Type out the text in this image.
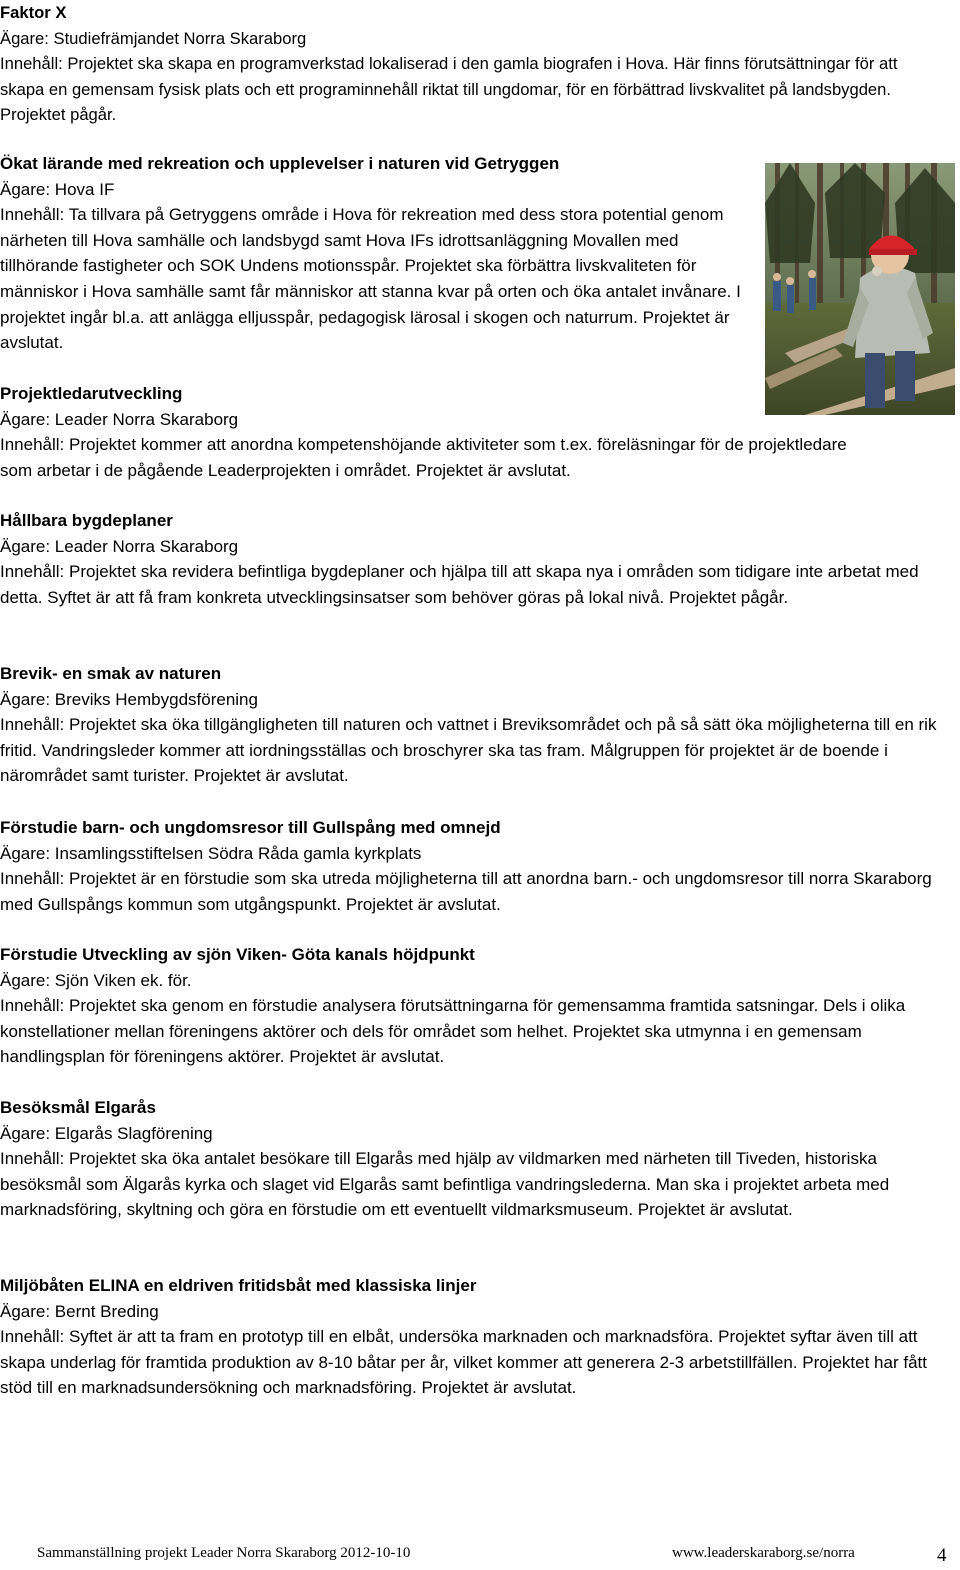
Faktor X

Ägare: Studiefrämjandet Norra Skaraborg

Innehåll: Projektet ska skapa en programverkstad lokaliserad i den gamla biografen i Hova. Här finns förutsättningar för att skapa en gemensam fysisk plats och ett programinnehåll riktat till ungdomar, för en förbättrad livskvalitet på landsbygden. Projektet pågår.

Ökat lärande med rekreation och upplevelser i naturen vid Getryggen

Ägare: Hova IF

Innehåll: Ta tillvara på Getryggens område i Hova för rekreation med dess stora potential genom närheten till Hova samhälle och landsbygd samt Hova IFs idrottsanläggning Movallen med tillhörande fastigheter och SOK Undens motionsspår. Projektet ska förbättra livskvaliteten för människor i Hova samhälle samt får människor att stanna kvar på orten och öka antalet invånare. I projektet ingår bl.a. att anlägga elljusspår, pedagogisk lärosal i skogen och naturrum. Projektet är avslutat.

Projektledarutveckling

Ägare: Leader Norra Skaraborg

Innehåll: Projektet kommer att anordna kompetenshöjande aktiviteter som t.ex. föreläsningar för de projektledare som arbetar i de pågående Leaderprojekten i området. Projektet är avslutat.

Hållbara bygdeplaner

Ägare: Leader Norra Skaraborg

Innehåll: Projektet ska revidera befintliga bygdeplaner och hjälpa till att skapa nya i områden som tidigare inte arbetat med detta. Syftet är att få fram konkreta utvecklingsinsatser som behöver göras på lokal nivå. Projektet pågår.

Brevik- en smak av naturen

Ägare: Breviks Hembygdsförening

Innehåll: Projektet ska öka tillgängligheten till naturen och vattnet i Breviksområdet och på så sätt öka möjligheterna till en rik fritid. Vandringsleder kommer att iordningsställas och broschyrer ska tas fram. Målgruppen för projektet är de boende i närområdet samt turister. Projektet är avslutat.

Förstudie barn- och ungdomsresor till Gullspång med omnejd

Ägare: Insamlingsstiftelsen Södra Råda gamla kyrkplats

Innehåll: Projektet är en förstudie som ska utreda möjligheterna till att anordna barn.- och ungdomsresor till norra Skaraborg med Gullspångs kommun som utgångspunkt. Projektet är avslutat.

Förstudie Utveckling av sjön Viken- Göta kanals höjdpunkt

Ägare: Sjön Viken ek. för.

Innehåll: Projektet ska genom en förstudie analysera förutsättningarna för gemensamma framtida satsningar. Dels i olika konstellationer mellan föreningens aktörer och dels för området som helhet. Projektet ska utmynna i en gemensam handlingsplan för föreningens aktörer. Projektet är avslutat.

Besöksmål Elgarås

Ägare: Elgarås Slagförening

Innehåll: Projektet ska öka antalet besökare till Elgarås med hjälp av vildmarken med närheten till Tiveden, historiska besöksmål som Älgarås kyrka och slaget vid Elgarås samt befintliga vandringslederna. Man ska i projektet arbeta med marknadsföring, skyltning och göra en förstudie om ett eventuellt vildmarksmuseum. Projektet är avslutat.

Miljöbåten ELINA en eldriven fritidsbåt med klassiska linjer

Ägare: Bernt Breding

Innehåll: Syftet är att ta fram en prototyp till en elbåt, undersöka marknaden och marknadsföra. Projektet syftar även till att skapa underlag för framtida produktion av 8-10 båtar per år, vilket kommer att generera 2-3 arbetstillfällen. Projektet har fått stöd till en marknadsundersökning och marknadsföring. Projektet är avslutat.

Sammanställning projekt Leader Norra Skaraborg 2012-10-10	www.leaderskaraborg.se/norra	4
